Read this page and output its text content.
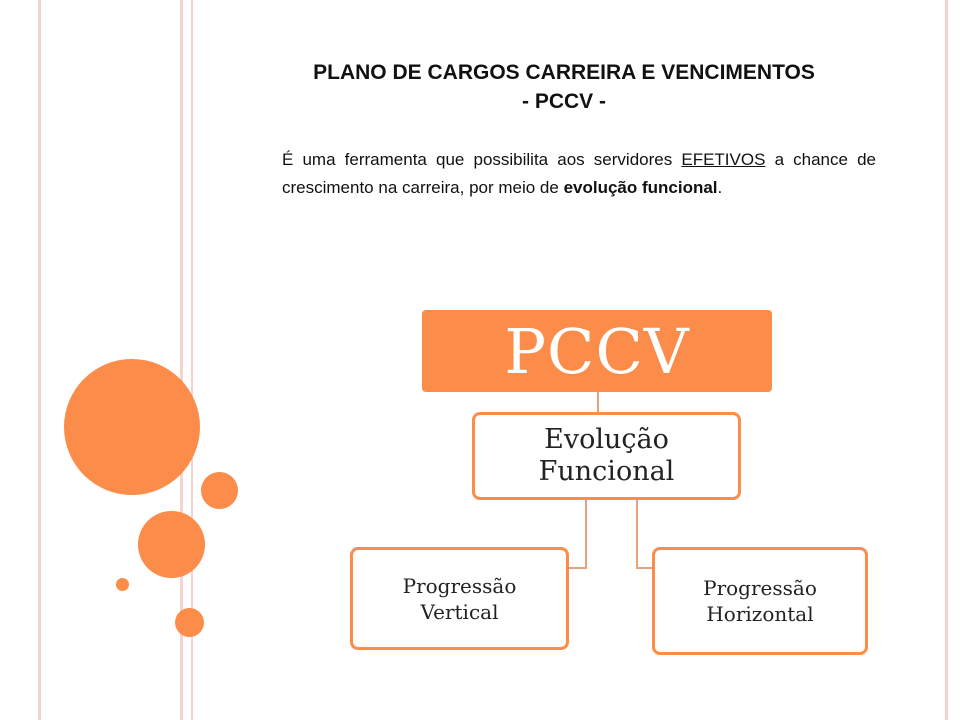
PLANO DE CARGOS CARREIRA E VENCIMENTOS
- PCCV -
É uma ferramenta que possibilita aos servidores EFETIVOS a chance de crescimento na carreira, por meio de evolução funcional.
PCCV
Evolução Funcional
Progressão Vertical
Progressão Horizontal
